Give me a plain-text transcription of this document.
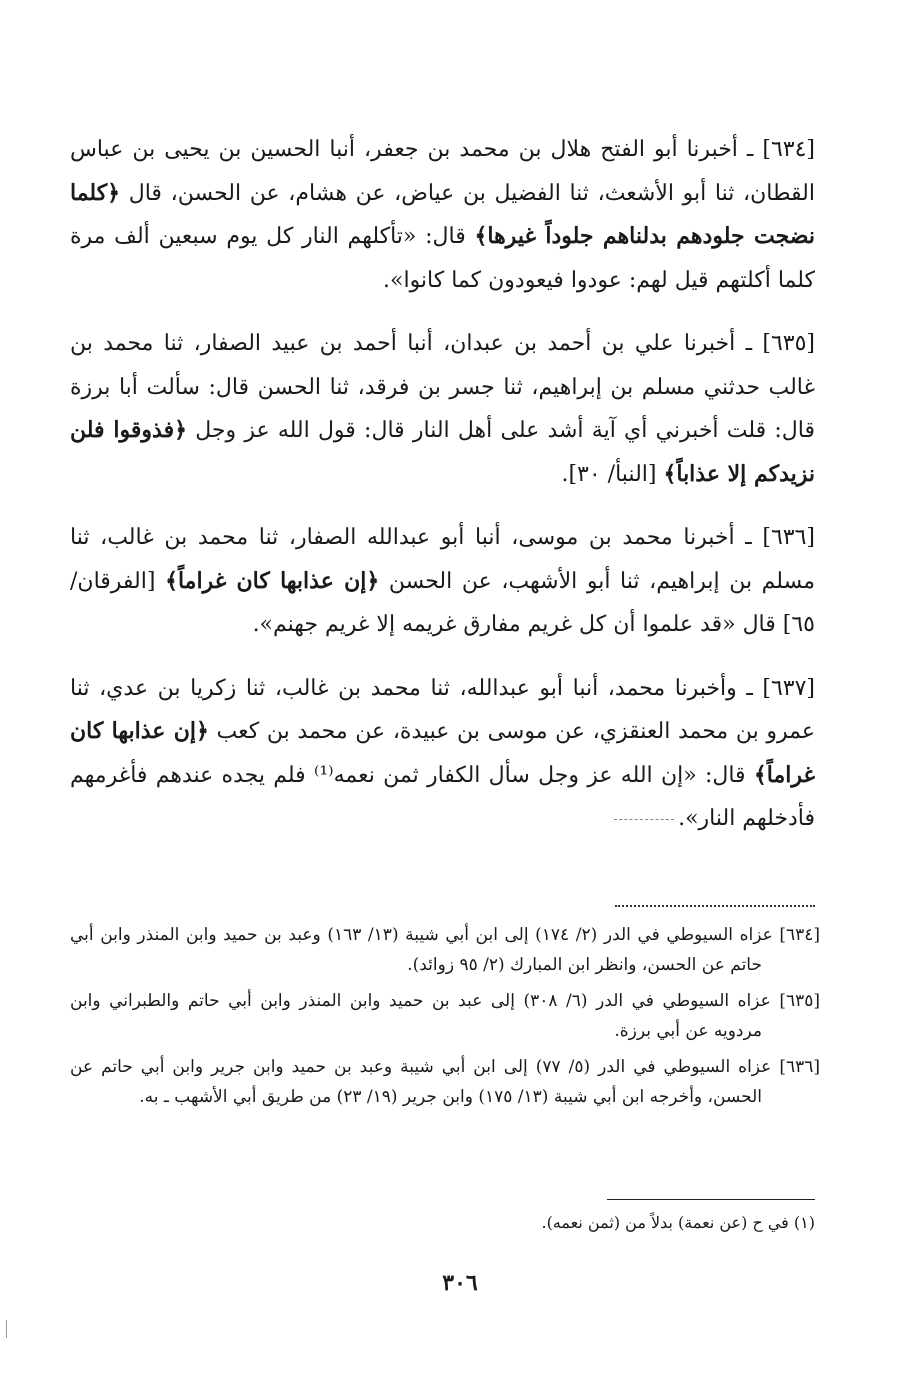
[٦٣٤] ـ أخبرنا أبو الفتح هلال بن محمد بن جعفر، أنبا الحسين بن يحيى بن عباس القطان، ثنا أبو الأشعث، ثنا الفضيل بن عياض، عن هشام، عن الحسن، قال ﴿كلما نضجت جلودهم بدلناهم جلوداً غيرها﴾ قال: «تأكلهم النار كل يوم سبعين ألف مرة كلما أكلتهم قيل لهم: عودوا فيعودون كما كانوا».

[٦٣٥] ـ أخبرنا علي بن أحمد بن عبدان، أنبا أحمد بن عبيد الصفار، ثنا محمد بن غالب حدثني مسلم بن إبراهيم، ثنا جسر بن فرقد، ثنا الحسن قال: سألت أبا برزة قال: قلت أخبرني أي آية أشد على أهل النار قال: قول الله عز وجل ﴿فذوقوا فلن نزيدكم إلا عذاباً﴾ [النبأ/ ٣٠].

[٦٣٦] ـ أخبرنا محمد بن موسى، أنبا أبو عبدالله الصفار، ثنا محمد بن غالب، ثنا مسلم بن إبراهيم، ثنا أبو الأشهب، عن الحسن ﴿إن عذابها كان غراماً﴾ [الفرقان/ ٦٥] قال «قد علموا أن كل غريم مفارق غريمه إلا غريم جهنم».

[٦٣٧] ـ وأخبرنا محمد، أنبا أبو عبدالله، ثنا محمد بن غالب، ثنا زكريا بن عدي، ثنا عمرو بن محمد العنقزي، عن موسى بن عبيدة، عن محمد بن كعب ﴿إن عذابها كان غراماً﴾ قال: «إن الله عز وجل سأل الكفار ثمن نعمه⁽¹⁾ فلم يجده عندهم فأغرمهم فأدخلهم النار».

[٦٣٤] عزاه السيوطي في الدر (٢/ ١٧٤) إلى ابن أبي شيبة (١٣/ ١٦٣) وعبد بن حميد وابن المنذر وابن أبي حاتم عن الحسن، وانظر ابن المبارك (٢/ ٩٥ زوائد).

[٦٣٥] عزاه السيوطي في الدر (٦/ ٣٠٨) إلى عبد بن حميد وابن المنذر وابن أبي حاتم والطبراني وابن مردويه عن أبي برزة.

[٦٣٦] عزاه السيوطي في الدر (٥/ ٧٧) إلى ابن أبي شيبة وعبد بن حميد وابن جرير وابن أبي حاتم عن الحسن، وأخرجه ابن أبي شيبة (١٣/ ١٧٥) وابن جرير (١٩/ ٢٣) من طريق أبي الأشهب ـ به.

(١) في ح (عن نعمة) بدلاً من (ثمن نعمه).
٣٠٦
